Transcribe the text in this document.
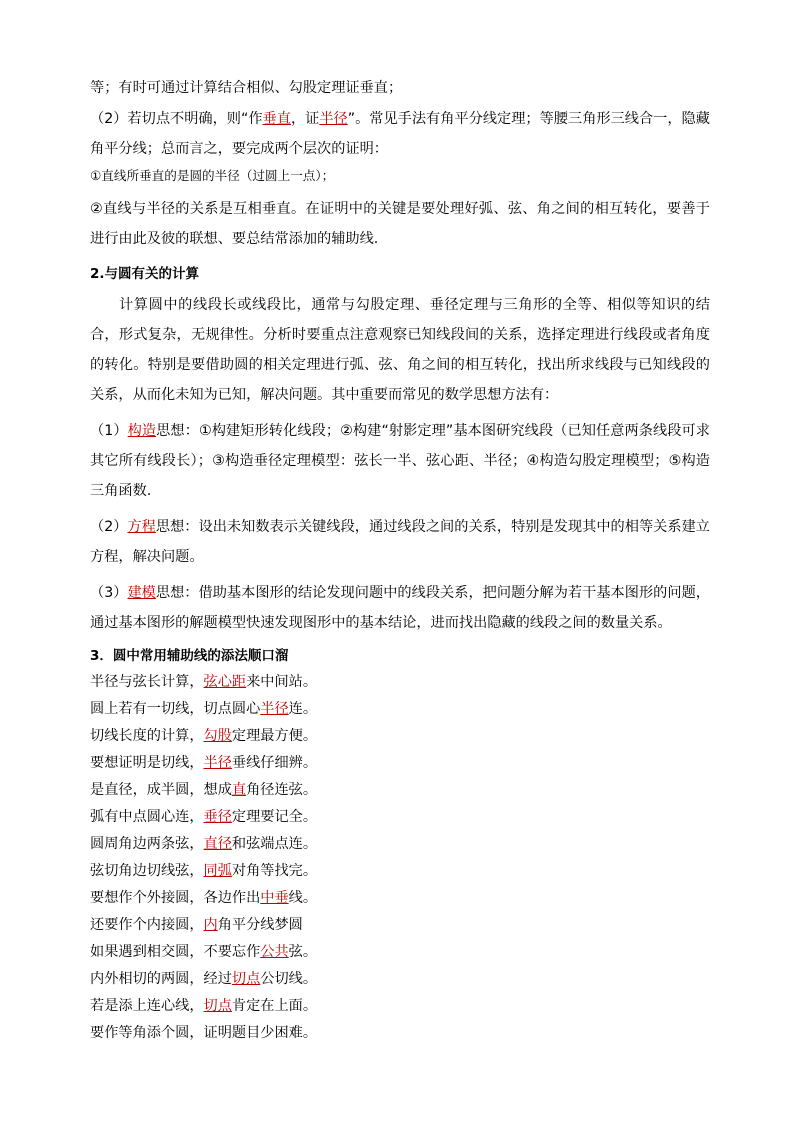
等；有时可通过计算结合相似、勾股定理证垂直；

（2）若切点不明确，则“作垂直，证半径”。常见手法有角平分线定理；等腰三角形三线合一，隐藏角平分线；总而言之，要完成两个层次的证明：

①直线所垂直的是圆的半径（过圆上一点）；

②直线与半径的关系是互相垂直。在证明中的关键是要处理好弧、弦、角之间的相互转化，要善于进行由此及彼的联想、要总结常添加的辅助线.

2.与圆有关的计算

计算圆中的线段长或线段比，通常与勾股定理、垂径定理与三角形的全等、相似等知识的结合，形式复杂，无规律性。分析时要重点注意观察已知线段间的关系，选择定理进行线段或者角度的转化。特别是要借助圆的相关定理进行弧、弦、角之间的相互转化，找出所求线段与已知线段的关系，从而化未知为已知，解决问题。其中重要而常见的数学思想方法有：

（1）构造思想：①构建矩形转化线段；②构建“射影定理”基本图研究线段（已知任意两条线段可求其它所有线段长）；③构造垂径定理模型：弦长一半、弦心距、半径；④构造勾股定理模型；⑤构造三角函数.

（2）方程思想：设出未知数表示关键线段，通过线段之间的关系，特别是发现其中的相等关系建立方程，解决问题。

（3）建模思想：借助基本图形的结论发现问题中的线段关系，把问题分解为若干基本图形的问题，通过基本图形的解题模型快速发现图形中的基本结论，进而找出隐藏的线段之间的数量关系。

3．圆中常用辅助线的添法顺口溜

半径与弦长计算，弦心距来中间站。

圆上若有一切线，切点圆心半径连。

切线长度的计算，勾股定理最方便。

要想证明是切线，半径垂线仔细辨。

是直径，成半圆，想成直角径连弦。

弧有中点圆心连，垂径定理要记全。

圆周角边两条弦，直径和弦端点连。

弦切角边切线弦，同弧对角等找完。

要想作个外接圆，各边作出中垂线。

还要作个内接圆，内角平分线梦圆

如果遇到相交圆，不要忘作公共弦。

内外相切的两圆，经过切点公切线。

若是添上连心线，切点肯定在上面。

要作等角添个圆，证明题目少困难。
